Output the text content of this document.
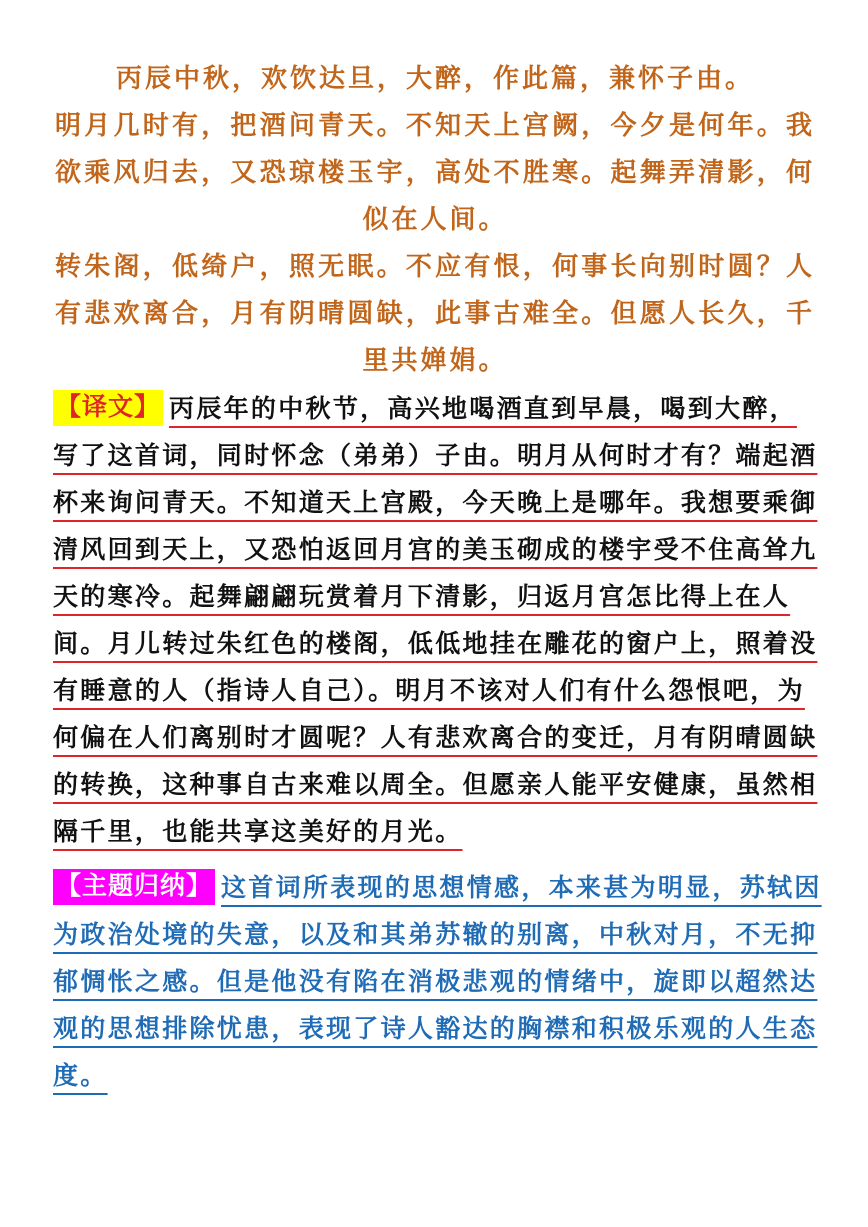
丙辰中秋，欢饮达旦，大醉，作此篇，兼怀子由。
明月几时有，把酒问青天。不知天上宫阙，今夕是何年。我欲乘风归去，又恐琼楼玉宇，高处不胜寒。起舞弄清影，何似在人间。
转朱阁，低绮户，照无眠。不应有恨，何事长向别时圆？人有悲欢离合，月有阴晴圆缺，此事古难全。但愿人长久，千里共婵娟。

【译文】 丙辰年的中秋节，高兴地喝酒直到早晨，喝到大醉，写了这首词，同时怀念（弟弟）子由。明月从何时才有？端起酒杯来询问青天。不知道天上宫殿，今天晚上是哪年。我想要乘御清风回到天上，又恐怕返回月宫的美玉砌成的楼宇受不住高耸九天的寒冷。起舞翩翩玩赏着月下清影，归返月宫怎比得上在人间。月儿转过朱红色的楼阁，低低地挂在雕花的窗户上，照着没有睡意的人（指诗人自己）。明月不该对人们有什么怨恨吧，为何偏在人们离别时才圆呢？人有悲欢离合的变迁，月有阴晴圆缺的转换，这种事自古来难以周全。但愿亲人能平安健康，虽然相隔千里，也能共享这美好的月光。

【主题归纳】 这首词所表现的思想情感，本来甚为明显，苏轼因为政治处境的失意，以及和其弟苏辙的别离，中秋对月，不无抑郁惆怅之感。但是他没有陷在消极悲观的情绪中，旋即以超然达观的思想排除忧患，表现了诗人豁达的胸襟和积极乐观的人生态度。
